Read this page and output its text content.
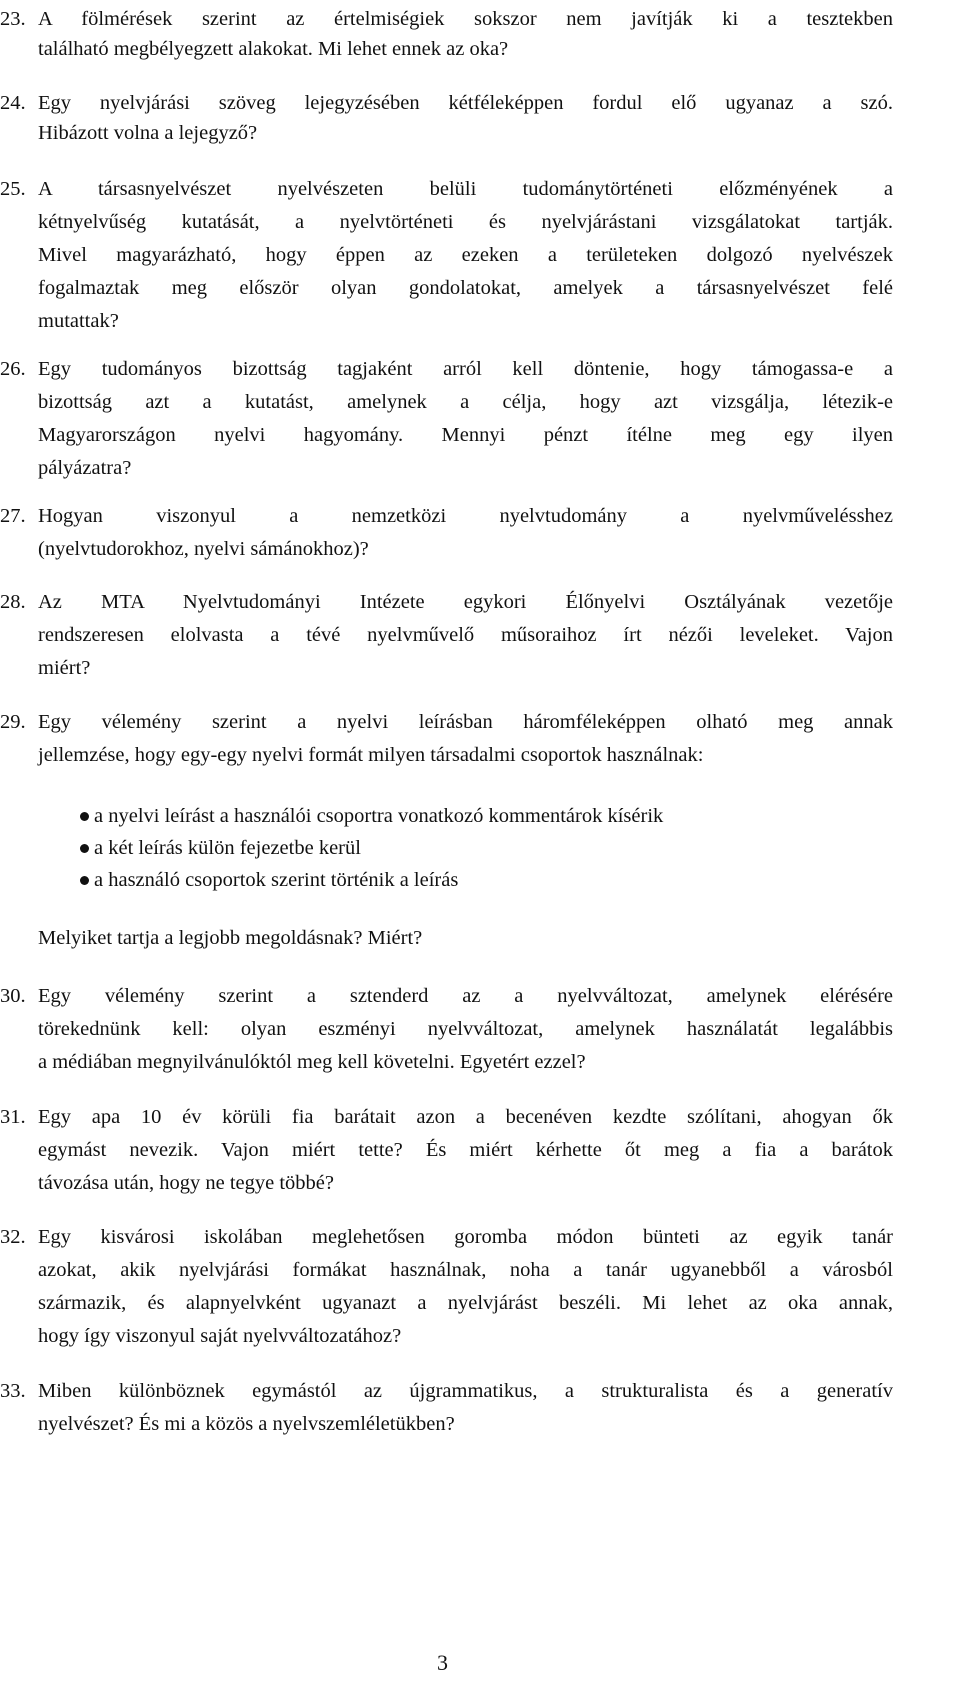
23. A fölmérések szerint az értelmiségiek sokszor nem javítják ki a tesztekben
található megbélyegzett alakokat. Mi lehet ennek az oka?
24. Egy nyelvjárási szöveg lejegyzésében kétféleképpen fordul elő ugyanaz a szó.
Hibázott volna a lejegyző?
25. A társasnyelvészet nyelvészeten belüli tudománytörténeti előzményének a
kétnyelvűség kutatását, a nyelvtörténeti és nyelvjárástani vizsgálatokat tartják.
Mivel magyarázható, hogy éppen az ezeken a területeken dolgozó nyelvészek
fogalmaztak meg először olyan gondolatokat, amelyek a társasnyelvészet felé
mutattak?
26. Egy tudományos bizottság tagjaként arról kell döntenie, hogy támogassa-e a
bizottság azt a kutatást, amelynek a célja, hogy azt vizsgálja, létezik-e
Magyarországon nyelvi hagyomány. Mennyi pénzt ítélne meg egy ilyen
pályázatra?
27. Hogyan viszonyul a nemzetközi nyelvtudomány a nyelvművelésshez
(nyelvtudorokhoz, nyelvi sámánokhoz)?
28. Az MTA Nyelvtudományi Intézete egykori Élőnyelvi Osztályának vezetője
rendszeresen elolvasta a tévé nyelvművelő műsoraihoz írt nézői leveleket. Vajon
miért?
29. Egy vélemény szerint a nyelvi leírásban háromféleképpen olható meg annak
jellemzése, hogy egy-egy nyelvi formát milyen társadalmi csoportok használnak:
a nyelvi leírást a használói csoportra vonatkozó kommentárok kísérik
a két leírás külön fejezetbe kerül
a használó csoportok szerint történik a leírás
Melyiket tartja a legjobb megoldásnak? Miért?
30. Egy vélemény szerint a sztenderd az a nyelvváltozat, amelynek elérésére
törekednünk kell: olyan eszményi nyelvváltozat, amelynek használatát legalábbis
a médiában megnyilvánulóktól meg kell követelni. Egyetért ezzel?
31. Egy apa 10 év körüli fia barátait azon a becenéven kezdte szólítani, ahogyan ők
egymást nevezik. Vajon miért tette? És miért kérhette őt meg a fia a barátok
távozása után, hogy ne tegye többé?
32. Egy kisvárosi iskolában meglehetősen goromba módon bünteti az egyik tanár
azokat, akik nyelvjárási formákat használnak, noha a tanár ugyanebből a városból
származik, és alapnyelvként ugyanazt a nyelvjárást beszéli. Mi lehet az oka annak,
hogy így viszonyul saját nyelvváltozatához?
33. Miben különböznek egymástól az újgrammatikus, a strukturalista és a generatív
nyelvészet? És mi a közös a nyelvszemléletükben?
3
